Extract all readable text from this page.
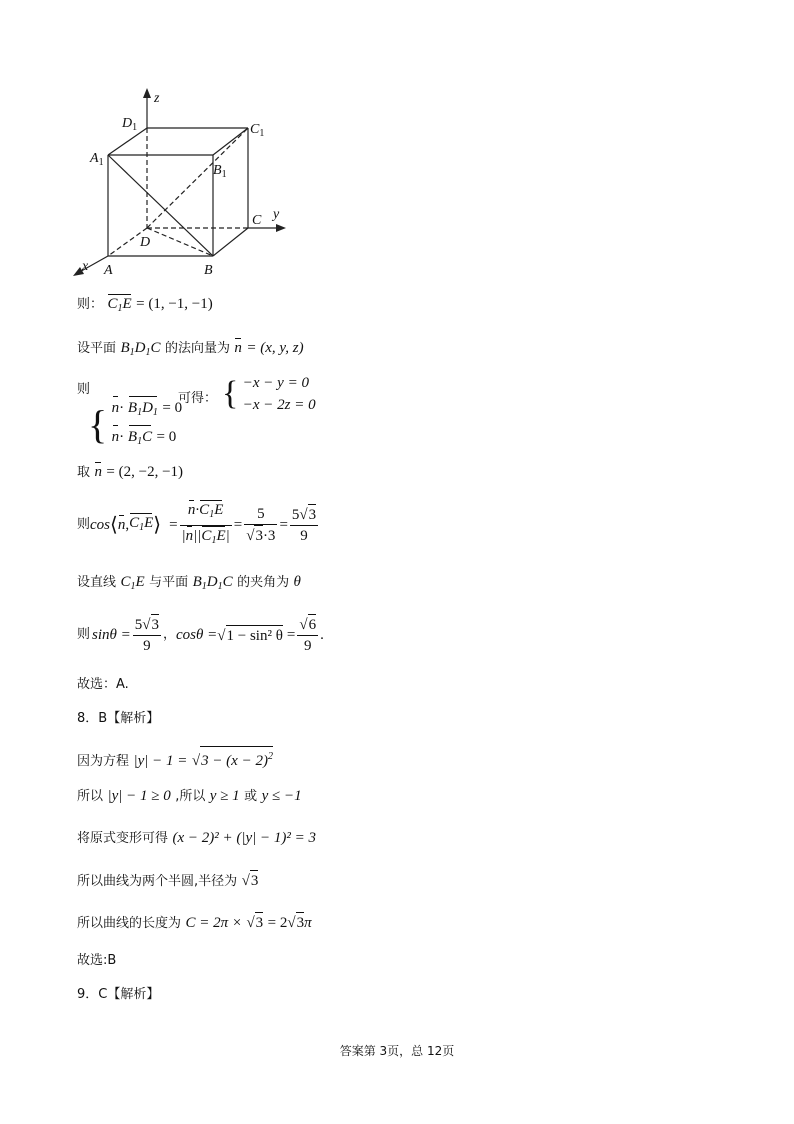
z
y
x A	B
C
D
$D_1$	$C_1$
$A_1$
$B_1$
则： $C_1E = (1$, −1, −1)
设平面 $B_1D_1C$ 的法向量为 n = (x, y, z)
则
{ $n\cdot B_1D_1 = 0$
$n\cdot B_1C = 0$
可得： { −x − y = 0
−x − 2z = 0
取 n = (2, −2, −1)
则 cos ⟨ n , $C_1E$ ⟩ = $\frac{n\cdot C_1E}{|n||C_1E|} = \frac{5}{√3\cdot 3} = \frac{5√3}{9}$
设直线 $C_1E$ 与平面 $B_1D_1C$ 的夹角为 θ
则 $\sin\theta = \frac{5√3}{9}$ ， cosθ = √1 − sin² $\theta = \frac{√6}{9}$ .
故选：A.
8．B【解析】
因为方程 $|y| - 1 = √3 - (x - 2)^2$
所以 |y| − 1 ≥ 0 ,所以 y ≥ 1 或 y ≤ −1
将原式变形可得 (x − 2)² + (|y| − 1)² = 3
所以曲线为两个半圆,半径为 √3
所以曲线的长度为 C = 2π × √3 = 2√3π
故选:B
9．C【解析】
答案第 3页，总 12页
